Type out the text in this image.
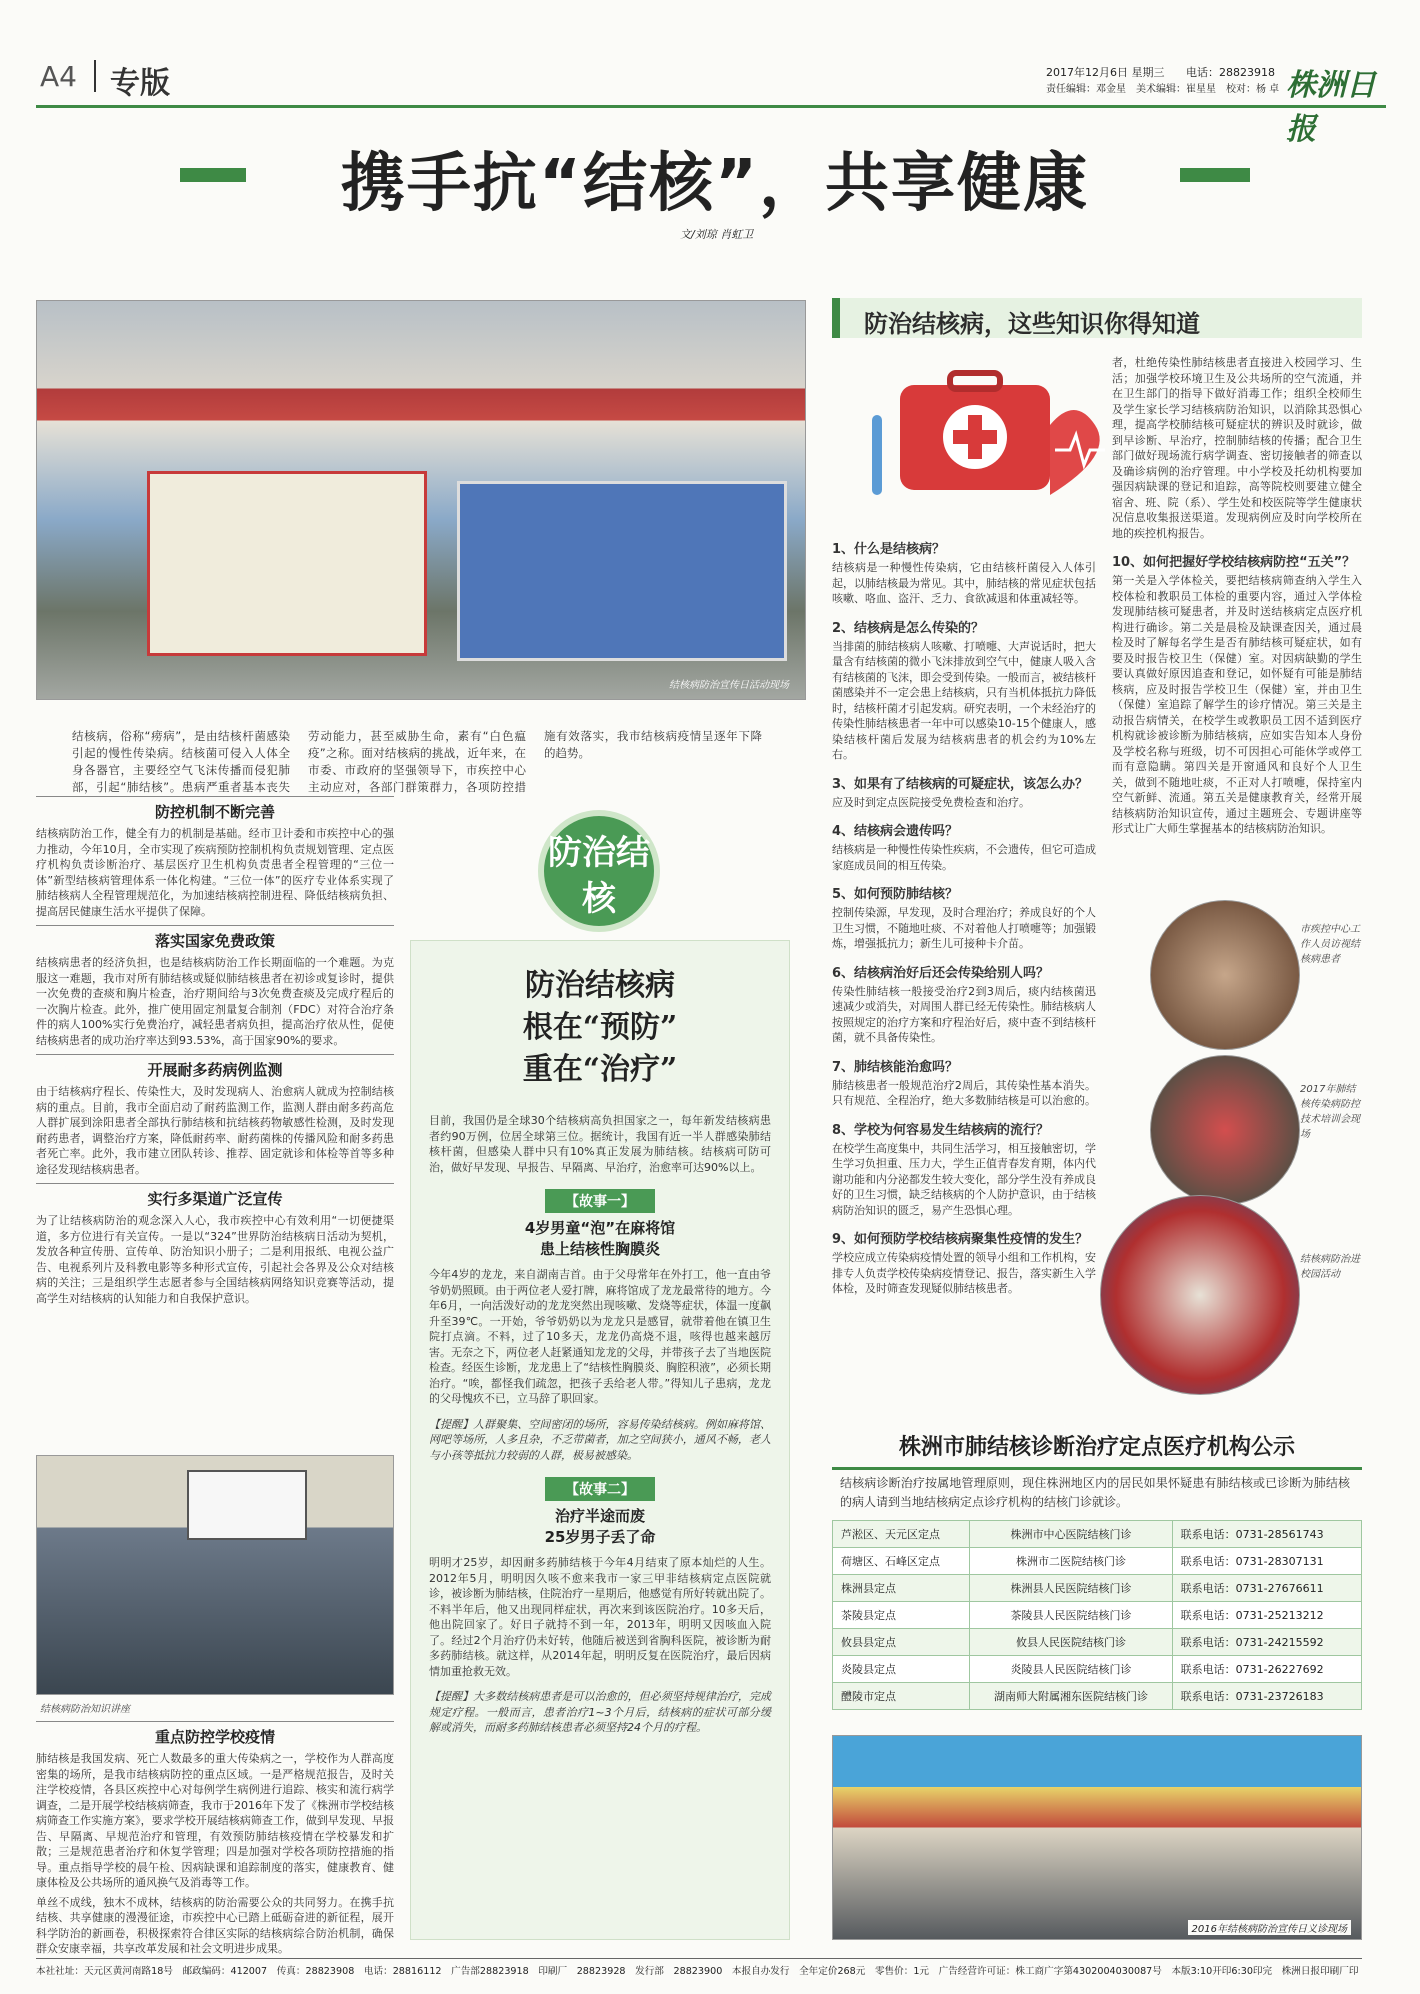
A4 专版	2017年12月6日 星期三 电话：28823918
责任编辑：邓金星　美术编辑：崔星星　校对：杨 卓 株洲日报
携手抗“结核”，共享健康
文/刘琼 肖虹卫
结核病防治宣传日活动现场
结核病，俗称“痨病”，是由结核杆菌感染引起的慢性传染病。结核菌可侵入人体全身各器官，主要经空气飞沫传播而侵犯肺部，引起“肺结核”。患病严重者基本丧失劳动能力，甚至威胁生命，素有“白色瘟疫”之称。面对结核病的挑战，近年来，在市委、市政府的坚强领导下，市疾控中心主动应对，各部门群策群力，各项防控措施有效落实，我市结核病疫情呈逐年下降的趋势。
防控机制不断完善
结核病防治工作，健全有力的机制是基础。经市卫计委和市疾控中心的强力推动，今年10月，全市实现了疾病预防控制机构负责规划管理、定点医疗机构负责诊断治疗、基层医疗卫生机构负责患者全程管理的“三位一体”新型结核病管理体系一体化构建。“三位一体”的医疗专业体系实现了肺结核病人全程管理规范化，为加速结核病控制进程、降低结核病负担、提高居民健康生活水平提供了保障。
落实国家免费政策
结核病患者的经济负担，也是结核病防治工作长期面临的一个难题。为克服这一难题，我市对所有肺结核或疑似肺结核患者在初诊或复诊时，提供一次免费的查痰和胸片检查，治疗期间给与3次免费查痰及完成疗程后的一次胸片检查。此外，推广使用固定剂量复合制剂（FDC）对符合治疗条件的病人100%实行免费治疗，减轻患者病负担，提高治疗依从性，促使结核病患者的成功治疗率达到93.53%，高于国家90%的要求。
开展耐多药病例监测
由于结核病疗程长、传染性大，及时发现病人、治愈病人就成为控制结核病的重点。目前，我市全面启动了耐药监测工作，监测人群由耐多药高危人群扩展到涂阳患者全部执行肺结核和抗结核药物敏感性检测，及时发现耐药患者，调整治疗方案，降低耐药率、耐药菌株的传播风险和耐多药患者死亡率。此外，我市建立团队转诊、推荐、固定就诊和体检等首等多种途径发现结核病患者。
实行多渠道广泛宣传
为了让结核病防治的观念深入人心，我市疾控中心有效利用“一切便捷渠道，多方位进行有关宣传。一是以“324”世界防治结核病日活动为契机，发放各种宣传册、宣传单、防治知识小册子；二是利用报纸、电视公益广告、电视系列片及科教电影等多种形式宣传，引起社会各界及公众对结核病的关注；三是组织学生志愿者参与全国结核病网络知识竞赛等活动，提高学生对结核病的认知能力和自我保护意识。
结核病防治知识讲座
重点防控学校疫情
肺结核是我国发病、死亡人数最多的重大传染病之一，学校作为人群高度密集的场所，是我市结核病防控的重点区域。一是严格规范报告，及时关注学校疫情，各县区疾控中心对每例学生病例进行追踪、核实和流行病学调查，二是开展学校结核病筛查，我市于2016年下发了《株洲市学校结核病筛查工作实施方案》，要求学校开展结核病筛查工作，做到早发现、早报告、早隔离、早规范治疗和管理，有效预防肺结核疫情在学校暴发和扩散；三是规范患者治疗和休复学管理；四是加强对学校各项防控措施的指导。重点指导学校的晨午检、因病缺课和追踪制度的落实，健康教育、健康体检及公共场所的通风换气及消毒等工作。
单丝不成线，独木不成林，结核病的防治需要公众的共同努力。在携手抗结核、共享健康的漫漫征途，市疾控中心已踏上砥砺奋进的新征程，展开科学防治的新画卷，积极探索符合律区实际的结核病综合防治机制，确保群众安康幸福，共享改革发展和社会文明进步成果。
防治结核
防治结核病
根在“预防”
重在“治疗”
目前，我国仍是全球30个结核病高负担国家之一，每年新发结核病患者约90万例，位居全球第三位。据统计，我国有近一半人群感染肺结核杆菌，但感染人群中只有10%真正发展为肺结核。结核病可防可治，做好早发现、早报告、早隔离、早治疗，治愈率可达90%以上。
【故事一】
4岁男童“泡”在麻将馆
患上结核性胸膜炎
今年4岁的龙龙，来自湖南吉首。由于父母常年在外打工，他一直由爷爷奶奶照顾。由于两位老人爱打牌，麻将馆成了龙龙最常待的地方。今年6月，一向活泼好动的龙龙突然出现咳嗽、发烧等症状，体温一度飙升至39℃。一开始，爷爷奶奶以为龙龙只是感冒，就带着他在镇卫生院打点滴。不料，过了10多天，龙龙仍高烧不退，咳得也越来越厉害。无奈之下，两位老人赶紧通知龙龙的父母，并带孩子去了当地医院检查。经医生诊断，龙龙患上了“结核性胸膜炎、胸腔积液”，必须长期治疗。“唉，都怪我们疏忽，把孩子丢给老人带。”得知儿子患病，龙龙的父母愧疚不已，立马辞了职回家。
【提醒】人群聚集、空间密闭的场所，容易传染结核病。例如麻将馆、网吧等场所，人多且杂，不乏带菌者，加之空间狭小，通风不畅，老人与小孩等抵抗力较弱的人群，极易被感染。
【故事二】
治疗半途而废
25岁男子丢了命
明明才25岁，却因耐多药肺结核于今年4月结束了原本灿烂的人生。2012年5月，明明因久咳不愈来我市一家三甲非结核病定点医院就诊，被诊断为肺结核，住院治疗一星期后，他感觉有所好转就出院了。不料半年后，他又出现同样症状，再次来到该医院治疗。10多天后，他出院回家了。好日子就持不到一年，2013年，明明又因咳血入院了。经过2个月治疗仍未好转，他随后被送到省胸科医院，被诊断为耐多药肺结核。就这样，从2014年起，明明反复在医院治疗，最后因病情加重抢救无效。
【提醒】大多数结核病患者是可以治愈的，但必须坚持规律治疗，完成规定疗程。一般而言，患者治疗1~3个月后，结核病的症状可部分缓解或消失，而耐多药肺结核患者必须坚持24个月的疗程。
防治结核病，这些知识你得知道
1、什么是结核病？
结核病是一种慢性传染病，它由结核杆菌侵入人体引起，以肺结核最为常见。其中，肺结核的常见症状包括咳嗽、咯血、盗汗、乏力、食欲减退和体重减轻等。
2、结核病是怎么传染的？
当排菌的肺结核病人咳嗽、打喷嚏、大声说话时，把大量含有结核菌的微小飞沫排放到空气中，健康人吸入含有结核菌的飞沫，即会受到传染。一般而言，被结核杆菌感染并不一定会患上结核病，只有当机体抵抗力降低时，结核杆菌才引起发病。研究表明，一个未经治疗的传染性肺结核患者一年中可以感染10-15个健康人，感染结核杆菌后发展为结核病患者的机会约为10%左右。
3、如果有了结核病的可疑症状，该怎么办？
应及时到定点医院接受免费检查和治疗。
4、结核病会遗传吗？
结核病是一种慢性传染性疾病，不会遗传，但它可造成家庭成员间的相互传染。
5、如何预防肺结核？
控制传染源，早发现，及时合理治疗；养成良好的个人卫生习惯，不随地吐痰、不对着他人打喷嚏等；加强锻炼，增强抵抗力；新生儿可接种卡介苗。
6、结核病治好后还会传染给别人吗？
传染性肺结核一般接受治疗2到3周后，痰内结核菌迅速减少或消失，对周围人群已经无传染性。肺结核病人按照规定的治疗方案和疗程治好后，痰中查不到结核杆菌，就不具备传染性。
7、肺结核能治愈吗？
肺结核患者一般规范治疗2周后，其传染性基本消失。只有规范、全程治疗，绝大多数肺结核是可以治愈的。
8、学校为何容易发生结核病的流行？
在校学生高度集中，共同生活学习，相互接触密切，学生学习负担重、压力大，学生正值青春发育期，体内代谢功能和内分泌都发生较大变化，部分学生没有养成良好的卫生习惯，缺乏结核病的个人防护意识，由于结核病防治知识的匮乏，易产生恐惧心理。
9、如何预防学校结核病聚集性疫情的发生？
学校应成立传染病疫情处置的领导小组和工作机构，安排专人负责学校传染病疫情登记、报告，落实新生入学体检，及时筛查发现疑似肺结核患者。
者，杜绝传染性肺结核患者直接进入校园学习、生活；加强学校环境卫生及公共场所的空气流通，并在卫生部门的指导下做好消毒工作；组织全校师生及学生家长学习结核病防治知识，以消除其恐惧心理，提高学校肺结核可疑症状的辨识及时就诊，做到早诊断、早治疗，控制肺结核的传播；配合卫生部门做好现场流行病学调查、密切接触者的筛查以及确诊病例的治疗管理。中小学校及托幼机构要加强因病缺课的登记和追踪，高等院校则要建立健全宿舍、班、院（系）、学生处和校医院等学生健康状况信息收集报送渠道。发现病例应及时向学校所在地的疾控机构报告。
10、如何把握好学校结核病防控“五关”？
第一关是入学体检关，要把结核病筛查纳入学生入校体检和教职员工体检的重要内容，通过入学体检发现肺结核可疑患者，并及时送结核病定点医疗机构进行确诊。第二关是晨检及缺课查因关，通过晨检及时了解每名学生是否有肺结核可疑症状，如有要及时报告校卫生（保健）室。对因病缺勤的学生要认真做好原因追查和登记，如怀疑有可能是肺结核病，应及时报告学校卫生（保健）室，并由卫生（保健）室追踪了解学生的诊疗情况。第三关是主动报告病情关，在校学生或教职员工因不适到医疗机构就诊被诊断为肺结核病，应如实告知本人身份及学校名称与班级，切不可因担心可能休学或停工而有意隐瞒。第四关是开窗通风和良好个人卫生关，做到不随地吐痰，不正对人打喷嚏，保持室内空气新鲜、流通。第五关是健康教育关，经常开展结核病防治知识宣传，通过主题班会、专题讲座等形式让广大师生掌握基本的结核病防治知识。
市疾控中心工作人员访视结核病患者
2017年肺结核传染病防控技术培训会现场
结核病防治进校园活动
株洲市肺结核诊断治疗定点医疗机构公示
结核病诊断治疗按属地管理原则，现住株洲地区内的居民如果怀疑患有肺结核或已诊断为肺结核的病人请到当地结核病定点诊疗机构的结核门诊就诊。
芦淞区、天元区定点	株洲市中心医院结核门诊	联系电话：0731-28561743
荷塘区、石峰区定点	株洲市二医院结核门诊	联系电话：0731-28307131
株洲县定点	株洲县人民医院结核门诊	联系电话：0731-27676611
茶陵县定点	茶陵县人民医院结核门诊	联系电话：0731-25213212
攸县县定点	攸县人民医院结核门诊	联系电话：0731-24215592
炎陵县定点	炎陵县人民医院结核门诊	联系电话：0731-26227692
醴陵市定点	湖南师大附属湘东医院结核门诊	联系电话：0731-23726183
2016年结核病防治宣传日义诊现场
本社社址：天元区黄河南路18号　邮政编码：412007　传真：28823908　电话：28816112　广告部28823918　印刷厂　28823928　发行部　28823900　本报自办发行　全年定价268元　零售价：1元　广告经营许可证：株工商广字第4302004030087号　本版3:10开印6:30印完　株洲日报印刷厂印
